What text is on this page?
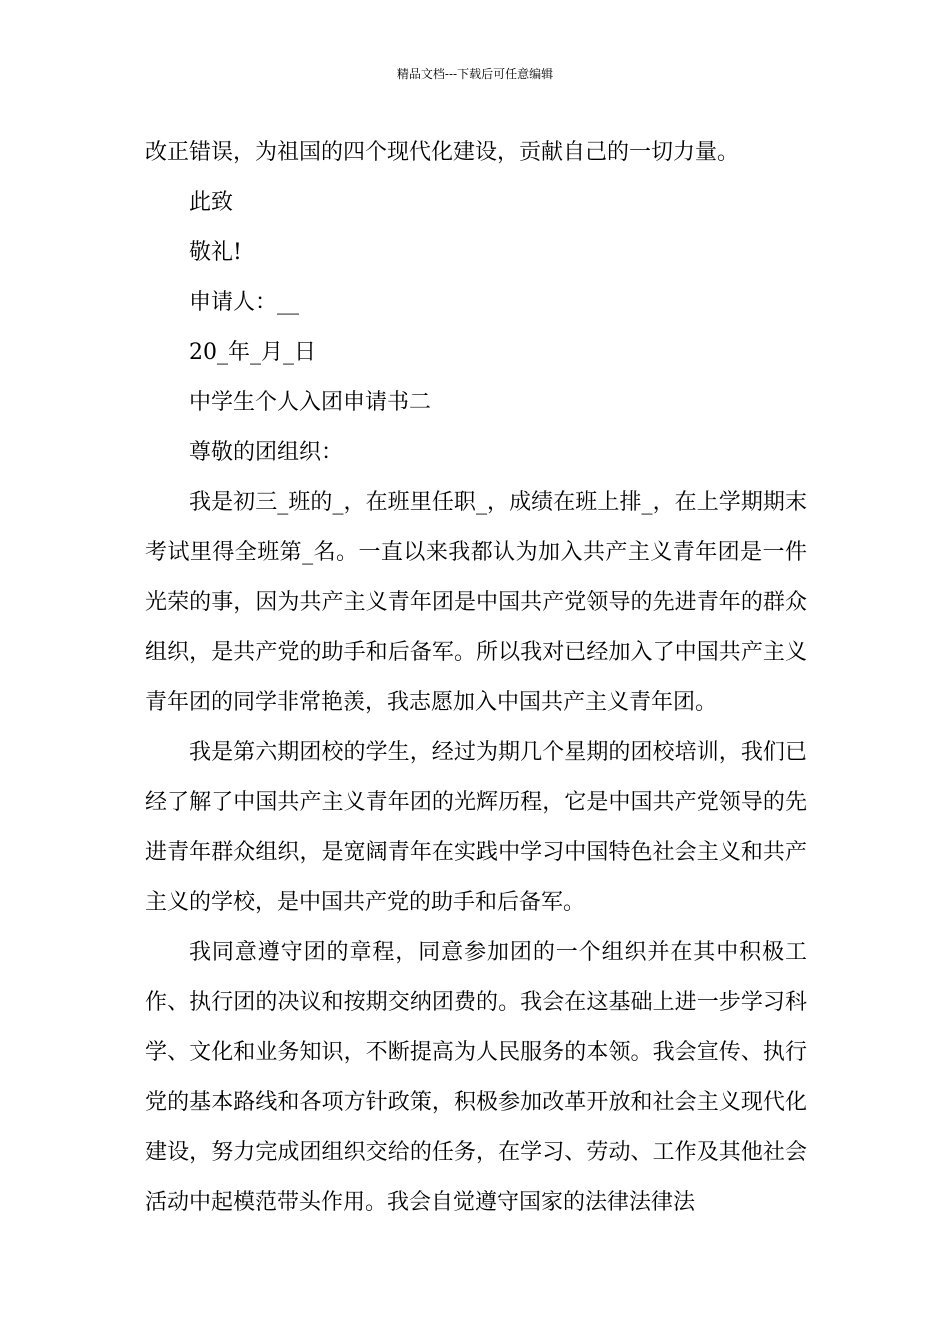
精品文档---下载后可任意编辑
改正错误，为祖国的四个现代化建设，贡献自己的一切力量。
此致
敬礼!
申请人：__
20_年_月_日
中学生个人入团申请书二
尊敬的团组织：

我是初三_班的_，在班里任职_，成绩在班上排_，在上学期期末考试里得全班第_名。一直以来我都认为加入共产主义青年团是一件光荣的事，因为共产主义青年团是中国共产党领导的先进青年的群众组织，是共产党的助手和后备军。所以我对已经加入了中国共产主义青年团的同学非常艳羡，我志愿加入中国共产主义青年团。

我是第六期团校的学生，经过为期几个星期的团校培训，我们已经了解了中国共产主义青年团的光辉历程，它是中国共产党领导的先进青年群众组织，是宽阔青年在实践中学习中国特色社会主义和共产主义的学校，是中国共产党的助手和后备军。

我同意遵守团的章程，同意参加团的一个组织并在其中积极工作、执行团的决议和按期交纳团费的。我会在这基础上进一步学习科学、文化和业务知识，不断提高为人民服务的本领。我会宣传、执行党的基本路线和各项方针政策，积极参加改革开放和社会主义现代化建设，努力完成团组织交给的任务，在学习、劳动、工作及其他社会活动中起模范带头作用。我会自觉遵守国家的法律法律法
